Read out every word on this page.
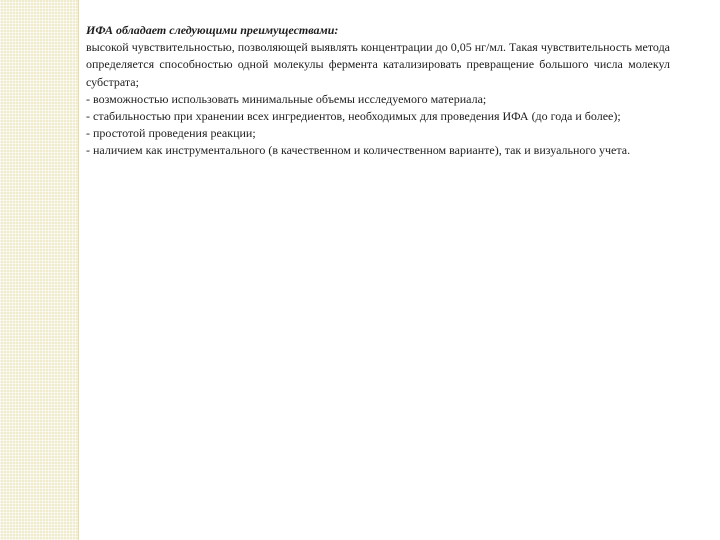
ИФА обладает следующими преимуществами:

высокой чувствительностью, позволяющей выявлять концентрации до 0,05 нг/мл. Такая чувствительность метода определяется способностью одной молекулы фермента катализировать превращение большого числа молекул субстрата;

- возможностью использовать минимальные объемы исследуемого материала;

- стабильностью при хранении всех ингредиентов, необходимых для проведения ИФА (до года и более);

- простотой проведения реакции;

- наличием как инструментального (в качественном и количественном варианте), так и визуального учета.
